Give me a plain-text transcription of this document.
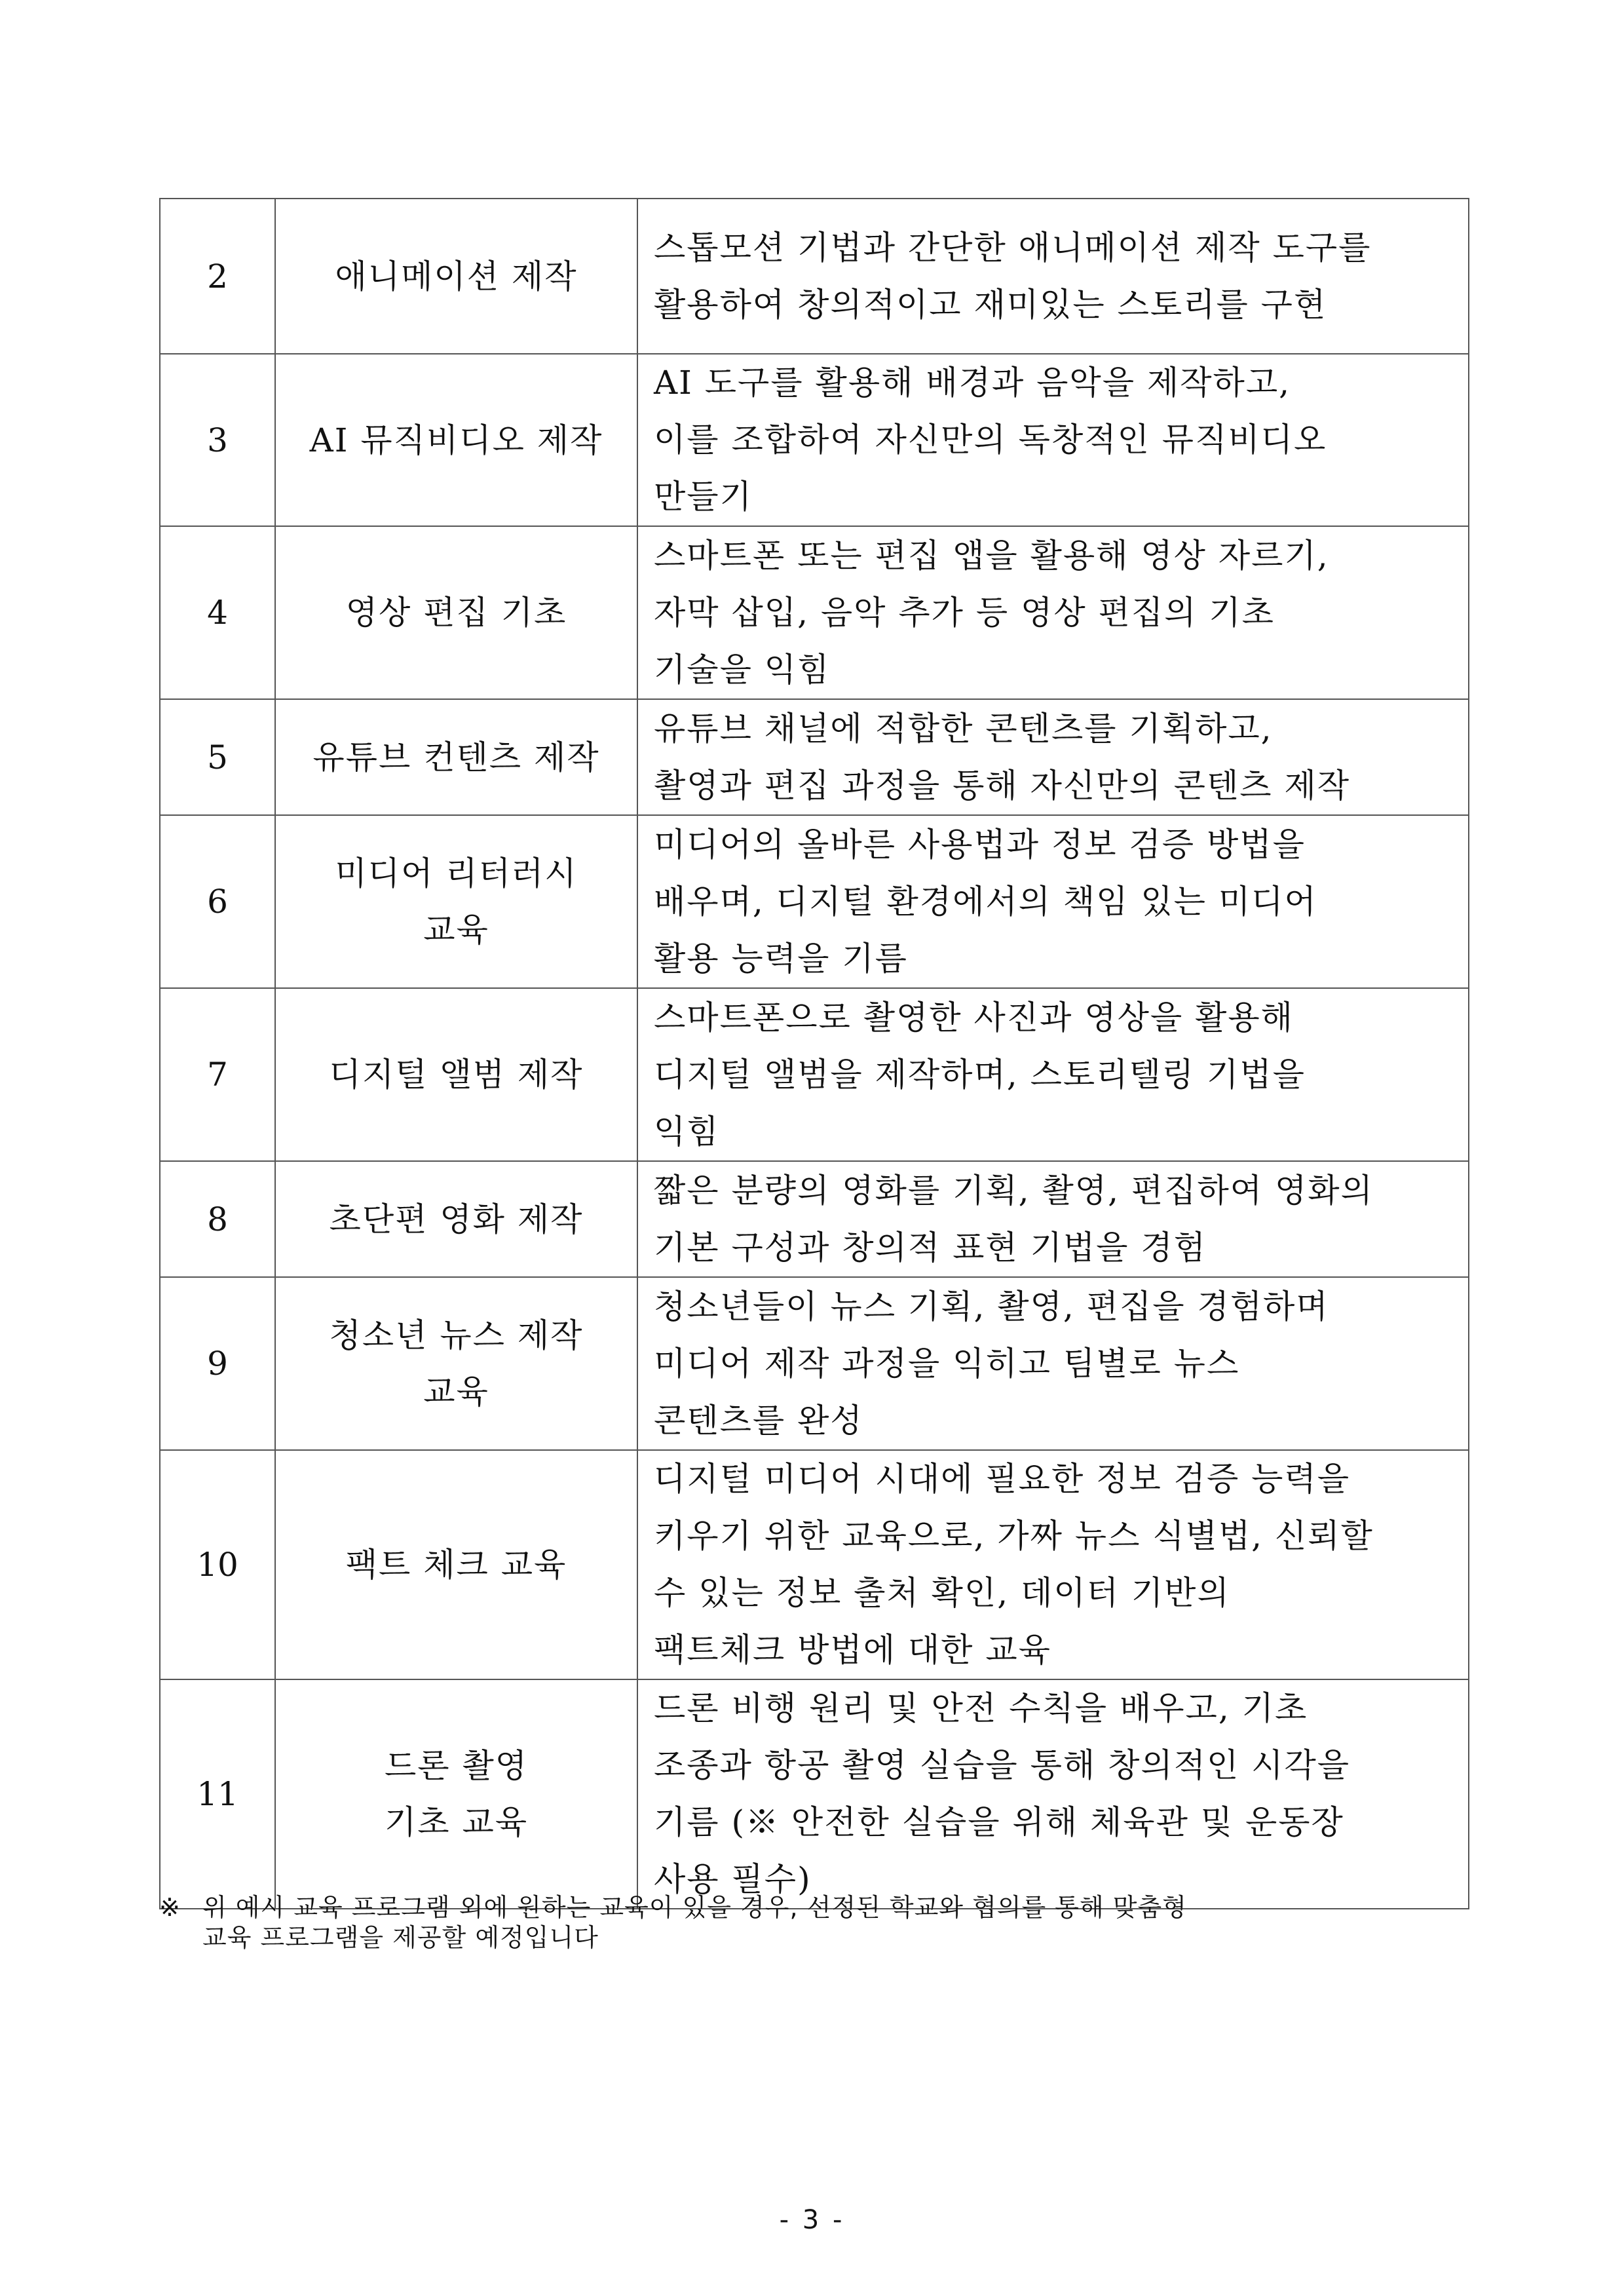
2	애니메이션 제작	스톱모션 기법과 간단한 애니메이션 제작 도구를
활용하여 창의적이고 재미있는 스토리를 구현

3	AI 뮤직비디오 제작	AI 도구를 활용해 배경과 음악을 제작하고,
이를 조합하여 자신만의 독창적인 뮤직비디오
만들기

4	영상 편집 기초	스마트폰 또는 편집 앱을 활용해 영상 자르기,
자막 삽입, 음악 추가 등 영상 편집의 기초
기술을 익힘

5	유튜브 컨텐츠 제작	유튜브 채널에 적합한 콘텐츠를 기획하고,
촬영과 편집 과정을 통해 자신만의 콘텐츠 제작

6	미디어 리터러시
교육	미디어의 올바른 사용법과 정보 검증 방법을
배우며, 디지털 환경에서의 책임 있는 미디어
활용 능력을 기름

7	디지털 앨범 제작	스마트폰으로 촬영한 사진과 영상을 활용해
디지털 앨범을 제작하며, 스토리텔링 기법을
익힘

8	초단편 영화 제작	짧은 분량의 영화를 기획, 촬영, 편집하여 영화의
기본 구성과 창의적 표현 기법을 경험

9	청소년 뉴스 제작
교육	청소년들이 뉴스 기획, 촬영, 편집을 경험하며
미디어 제작 과정을 익히고 팀별로 뉴스
콘텐츠를 완성

10	팩트 체크 교육	디지털 미디어 시대에 필요한 정보 검증 능력을
키우기 위한 교육으로, 가짜 뉴스 식별법, 신뢰할
수 있는 정보 출처 확인, 데이터 기반의
팩트체크 방법에 대한 교육

11	드론 촬영
기초 교육	드론 비행 원리 및 안전 수칙을 배우고, 기초
조종과 항공 촬영 실습을 통해 창의적인 시각을
기름 (※ 안전한 실습을 위해 체육관 및 운동장
사용 필수)
※ 위 예시 교육 프로그램 외에 원하는 교육이 있을 경우, 선정된 학교와 협의를 통해 맞춤형
교육 프로그램을 제공할 예정입니다
- 3 -
